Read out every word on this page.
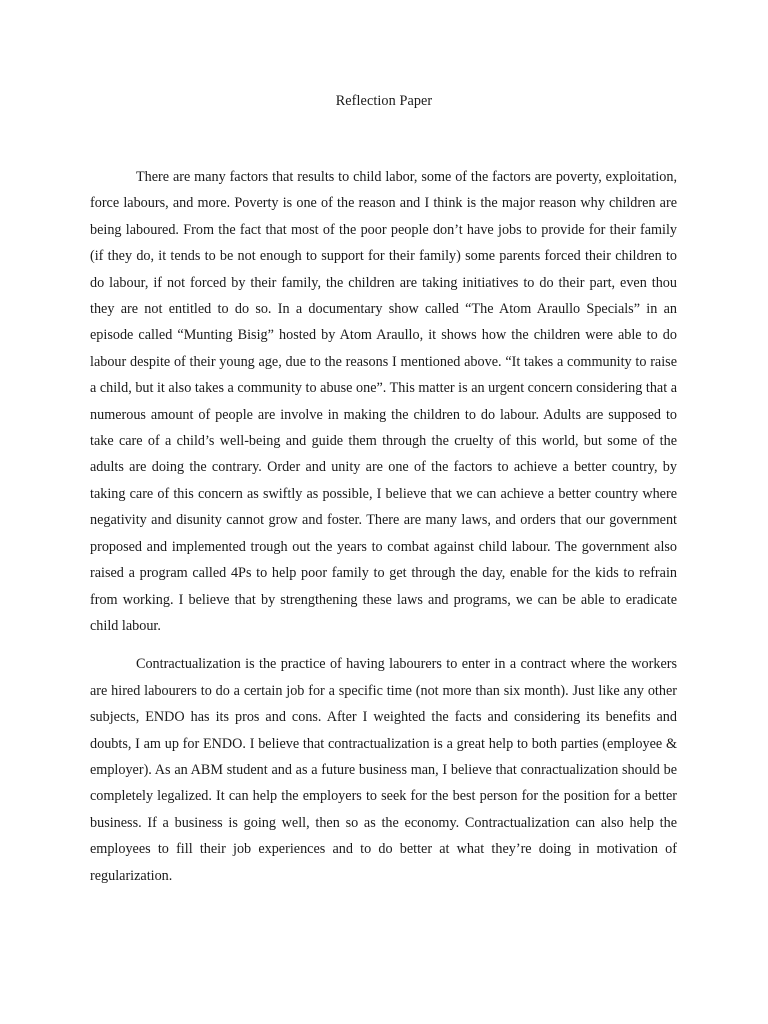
Reflection Paper

There are many factors that results to child labor, some of the factors are poverty, exploitation, force labours, and more. Poverty is one of the reason and I think is the major reason why children are being laboured. From the fact that most of the poor people don’t have jobs to provide for their family (if they do, it tends to be not enough to support for their family) some parents forced their children to do labour, if not forced by their family, the children are taking initiatives to do their part, even thou they are not entitled to do so. In a documentary show called “The Atom Araullo Specials” in an episode called “Munting Bisig” hosted by Atom Araullo, it shows how the children were able to do labour despite of their young age, due to the reasons I mentioned above. “It takes a community to raise a child, but it also takes a community to abuse one”. This matter is an urgent concern considering that a numerous amount of people are involve in making the children to do labour. Adults are supposed to take care of a child’s well-being and guide them through the cruelty of this world, but some of the adults are doing the contrary. Order and unity are one of the factors to achieve a better country, by taking care of this concern as swiftly as possible, I believe that we can achieve a better country where negativity and disunity cannot grow and foster. There are many laws, and orders that our government proposed and implemented trough out the years to combat against child labour. The government also raised a program called 4Ps to help poor family to get through the day, enable for the kids to refrain from working. I believe that by strengthening these laws and programs, we can be able to eradicate child labour.

Contractualization is the practice of having labourers to enter in a contract where the workers are hired labourers to do a certain job for a specific time (not more than six month). Just like any other subjects, ENDO has its pros and cons. After I weighted the facts and considering its benefits and doubts, I am up for ENDO. I believe that contractualization is a great help to both parties (employee & employer). As an ABM student and as a future business man, I believe that conractualization should be completely legalized. It can help the employers to seek for the best person for the position for a better business. If a business is going well, then so as the economy. Contractualization can also help the employees to fill their job experiences and to do better at what they’re doing in motivation of regularization.
